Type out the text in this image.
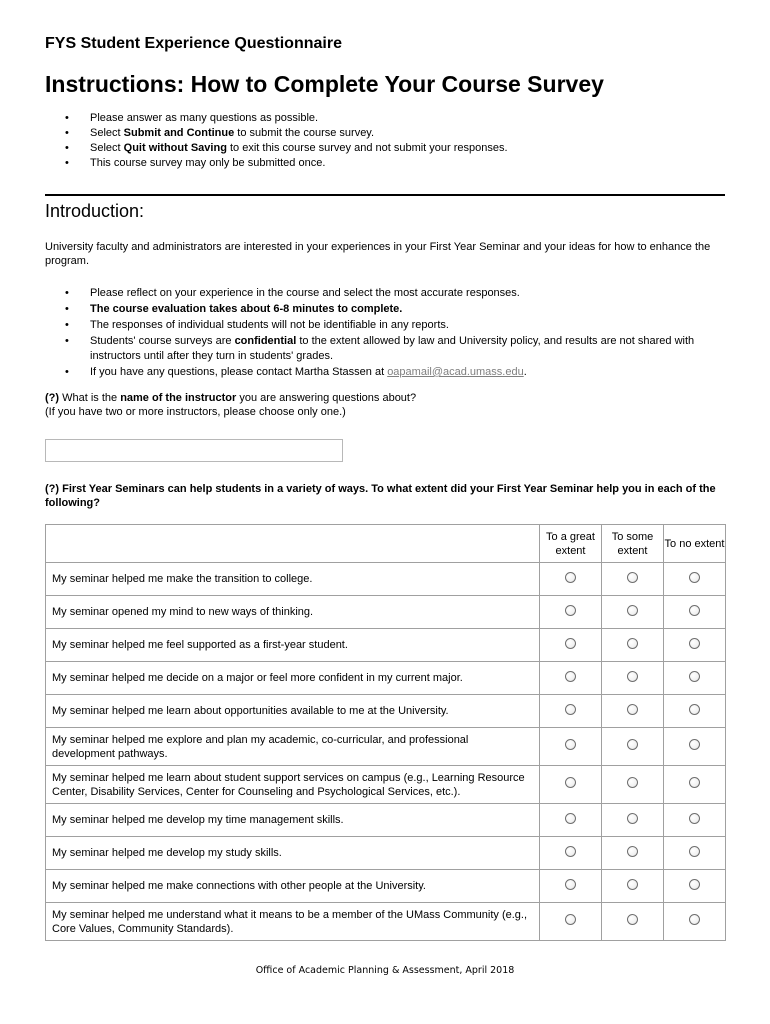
FYS Student Experience Questionnaire
Instructions: How to Complete Your Course Survey
• Please answer as many questions as possible.
• Select Submit and Continue to submit the course survey.
• Select Quit without Saving to exit this course survey and not submit your responses.
• This course survey may only be submitted once.
Introduction:
University faculty and administrators are interested in your experiences in your First Year Seminar and your ideas for how to enhance the program.
• Please reflect on your experience in the course and select the most accurate responses.
• The course evaluation takes about 6-8 minutes to complete.
• The responses of individual students will not be identifiable in any reports.
• Students' course surveys are confidential to the extent allowed by law and University policy, and results are not shared with instructors until after they turn in students' grades.
• If you have any questions, please contact Martha Stassen at oapamail@acad.umass.edu.
(?) What is the name of the instructor you are answering questions about?
(If you have two or more instructors, please choose only one.)
(?) First Year Seminars can help students in a variety of ways. To what extent did your First Year Seminar help you in each of the following?
	To a great extent	To some extent	To no extent
My seminar helped me make the transition to college.			
My seminar opened my mind to new ways of thinking.			
My seminar helped me feel supported as a first-year student.			
My seminar helped me decide on a major or feel more confident in my current major.			
My seminar helped me learn about opportunities available to me at the University.			
My seminar helped me explore and plan my academic, co-curricular, and professional development pathways.			
My seminar helped me learn about student support services on campus (e.g., Learning Resource Center, Disability Services, Center for Counseling and Psychological Services, etc.).			
My seminar helped me develop my time management skills.			
My seminar helped me develop my study skills.			
My seminar helped me make connections with other people at the University.			
My seminar helped me understand what it means to be a member of the UMass Community (e.g., Core Values, Community Standards).			
Office of Academic Planning & Assessment, April 2018
